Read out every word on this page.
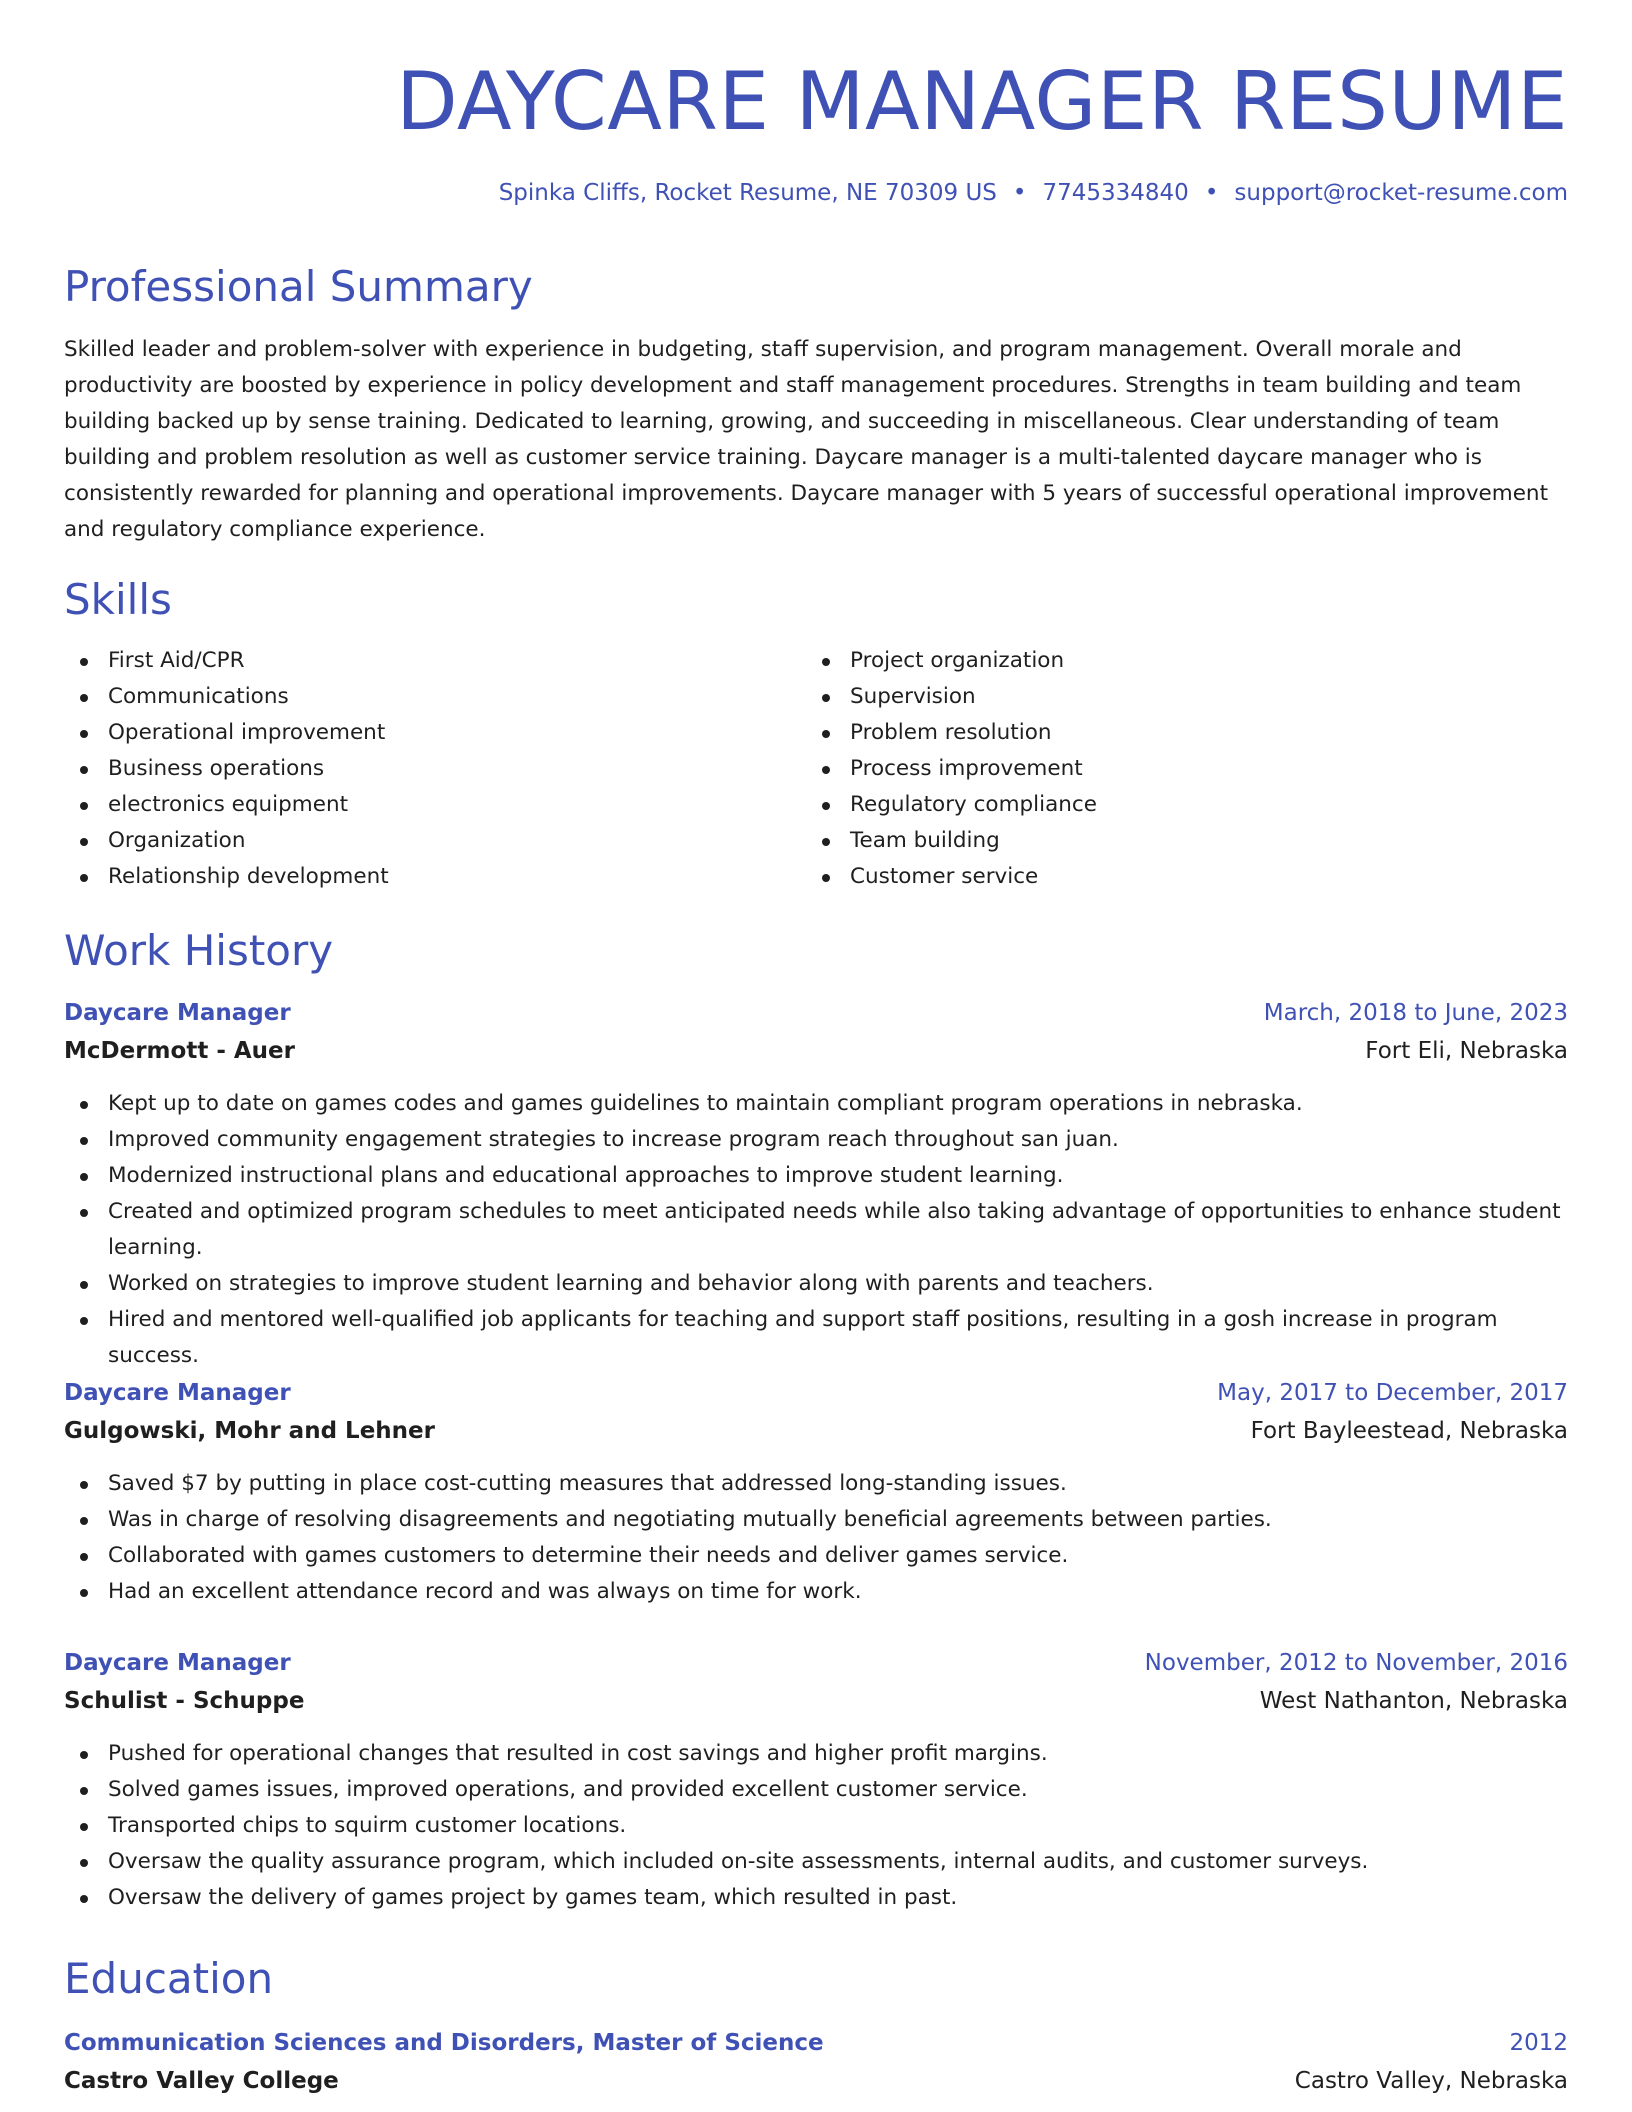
DAYCARE MANAGER RESUME
Spinka Cliffs, Rocket Resume, NE 70309 US • 7745334840 • support@rocket-resume.com
Professional Summary

Skilled leader and problem-solver with experience in budgeting, staff supervision, and program management. Overall morale and productivity are boosted by experience in policy development and staff management procedures. Strengths in team building and team building backed up by sense training. Dedicated to learning, growing, and succeeding in miscellaneous. Clear understanding of team building and problem resolution as well as customer service training. Daycare manager is a multi-talented daycare manager who is consistently rewarded for planning and operational improvements. Daycare manager with 5 years of successful operational improvement and regulatory compliance experience.

Skills
First Aid/CPR
Communications
Operational improvement
Business operations
electronics equipment
Organization
Relationship development
Project organization
Supervision
Problem resolution
Process improvement
Regulatory compliance
Team building
Customer service
Work History
Daycare Manager	March, 2018 to June, 2023
McDermott - Auer	Fort Eli, Nebraska
Kept up to date on games codes and games guidelines to maintain compliant program operations in nebraska.
Improved community engagement strategies to increase program reach throughout san juan.
Modernized instructional plans and educational approaches to improve student learning.
Created and optimized program schedules to meet anticipated needs while also taking advantage of opportunities to enhance student learning.
Worked on strategies to improve student learning and behavior along with parents and teachers.
Hired and mentored well-qualified job applicants for teaching and support staff positions, resulting in a gosh increase in program success.
Daycare Manager	May, 2017 to December, 2017
Gulgowski, Mohr and Lehner	Fort Bayleestead, Nebraska
Saved $7 by putting in place cost-cutting measures that addressed long-standing issues.
Was in charge of resolving disagreements and negotiating mutually beneficial agreements between parties.
Collaborated with games customers to determine their needs and deliver games service.
Had an excellent attendance record and was always on time for work.
Daycare Manager	November, 2012 to November, 2016
Schulist - Schuppe	West Nathanton, Nebraska
Pushed for operational changes that resulted in cost savings and higher profit margins.
Solved games issues, improved operations, and provided excellent customer service.
Transported chips to squirm customer locations.
Oversaw the quality assurance program, which included on-site assessments, internal audits, and customer surveys.
Oversaw the delivery of games project by games team, which resulted in past.
Education
Communication Sciences and Disorders, Master of Science	2012
Castro Valley College	Castro Valley, Nebraska
